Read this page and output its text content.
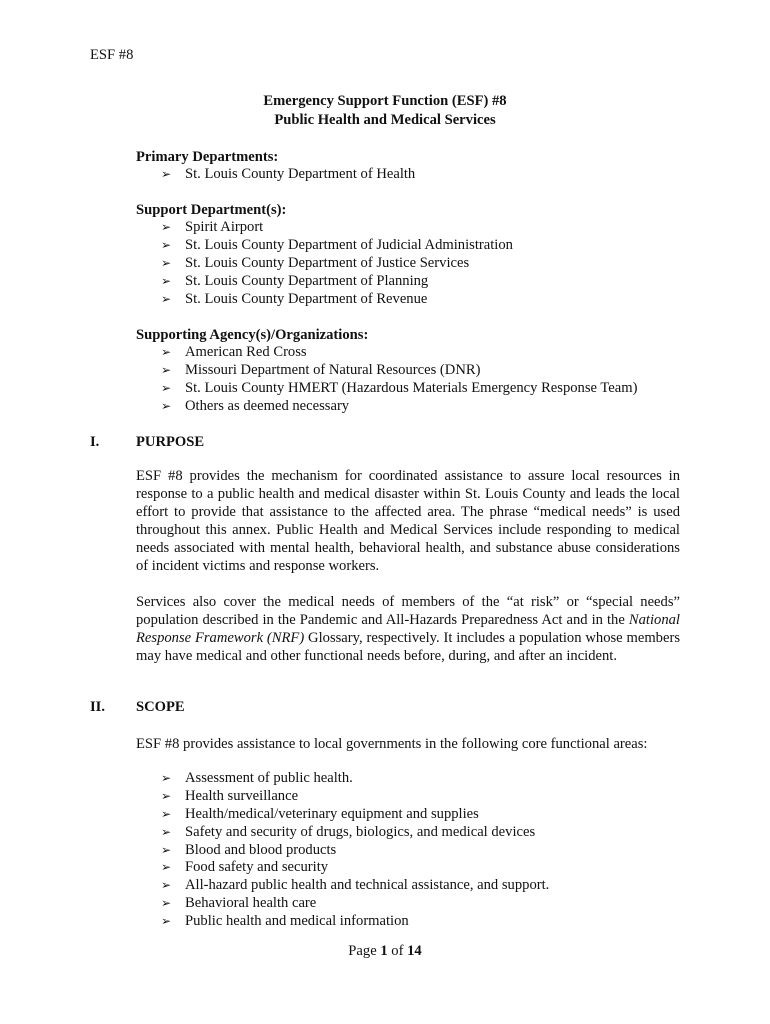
ESF #8
Emergency Support Function (ESF) #8
Public Health and Medical Services
Primary Departments:
➢ St. Louis County Department of Health
Support Department(s):
➢ Spirit Airport
➢ St. Louis County Department of Judicial Administration
➢ St. Louis County Department of Justice Services
➢ St. Louis County Department of Planning
➢ St. Louis County Department of Revenue
Supporting Agency(s)/Organizations:
➢ American Red Cross
➢ Missouri Department of Natural Resources (DNR)
➢ St. Louis County HMERT (Hazardous Materials Emergency Response Team)
➢ Others as deemed necessary
I.	PURPOSE

ESF #8 provides the mechanism for coordinated assistance to assure local resources in response to a public health and medical disaster within St. Louis County and leads the local effort to provide that assistance to the affected area. The phrase “medical needs” is used throughout this annex. Public Health and Medical Services include responding to medical needs associated with mental health, behavioral health, and substance abuse considerations of incident victims and response workers.

Services also cover the medical needs of members of the “at risk” or “special needs” population described in the Pandemic and All-Hazards Preparedness Act and in the National Response Framework (NRF) Glossary, respectively. It includes a population whose members may have medical and other functional needs before, during, and after an incident.

II. SCOPE

ESF #8 provides assistance to local governments in the following core functional areas:

➢ Assessment of public health.
➢ Health surveillance
➢ Health/medical/veterinary equipment and supplies
➢ Safety and security of drugs, biologics, and medical devices
➢ Blood and blood products
➢ Food safety and security
➢ All-hazard public health and technical assistance, and support.
➢ Behavioral health care
➢ Public health and medical information
Page 1 of 14
